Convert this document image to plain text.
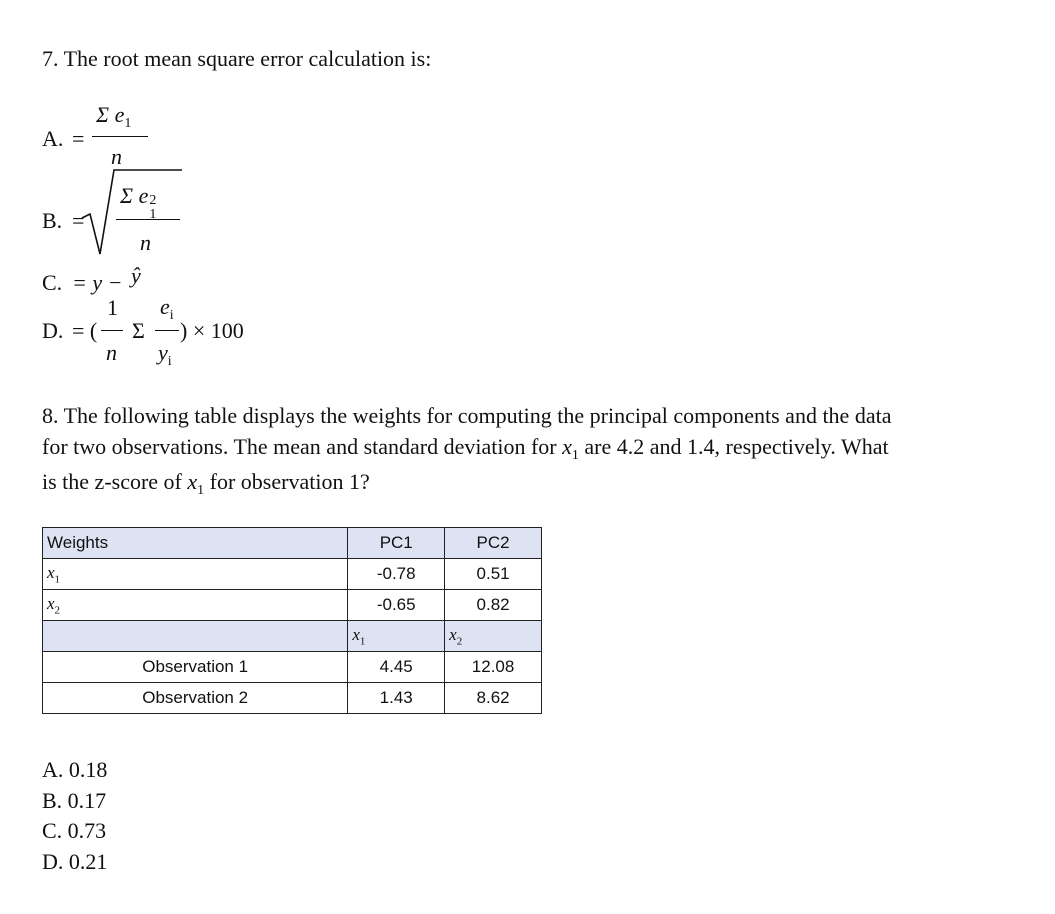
7. The root mean square error calculation is:
A. =
Σ $e_1$
n
B. =
Σ e 2
1
n
C. = y − ŷ
D. = (
1
n
Σ
$e_i$
$y_i$
) × 100
8. The following table displays the weights for computing the principal components and the data
for two observations. The mean and standard deviation for $x_1$ are 4.2 and 1.4, respectively. What
is the z-score of $x_1$ for observation 1?
Weights	PC1	PC2
$x_1$	-0.78	0.51
$x_2$	-0.65	0.82
	$x_1$	$x_2$
Observation 1	4.45	12.08
Observation 2	1.43	8.62
A. 0.18
B. 0.17
C. 0.73
D. 0.21
